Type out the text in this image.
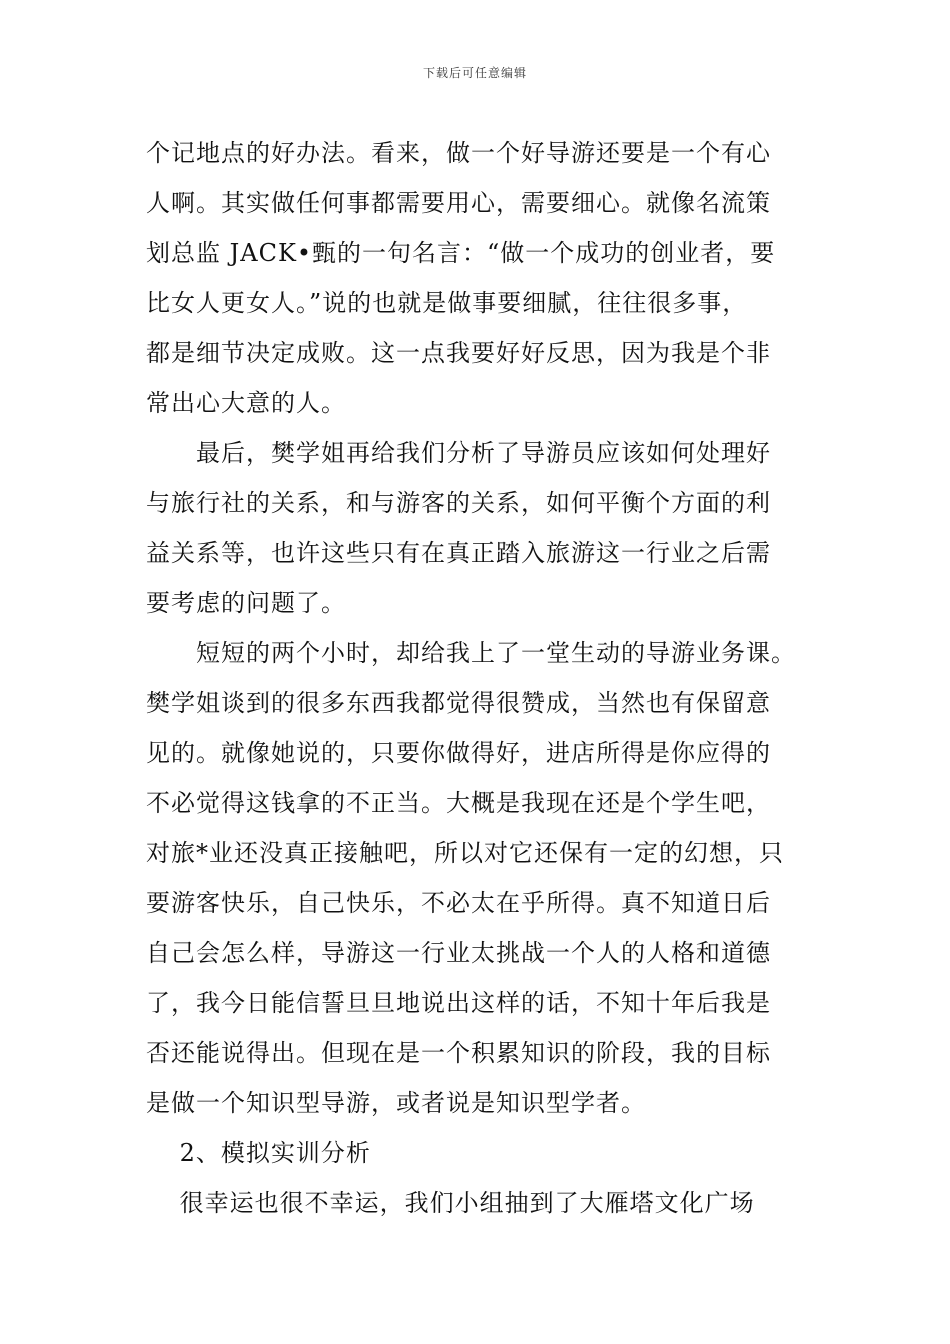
下载后可任意编辑
个记地点的好办法。看来，做一个好导游还要是一个有心
人啊。其实做任何事都需要用心，需要细心。就像名流策
划总监 JACK•甄的一句名言：“做一个成功的创业者，要
比女人更女人。”说的也就是做事要细腻，往往很多事，
都是细节决定成败。这一点我要好好反思，因为我是个非
常出心大意的人。
　　最后，樊学姐再给我们分析了导游员应该如何处理好
与旅行社的关系，和与游客的关系，如何平衡个方面的利
益关系等，也许这些只有在真正踏入旅游这一行业之后需
要考虑的问题了。
　　短短的两个小时，却给我上了一堂生动的导游业务课。
樊学姐谈到的很多东西我都觉得很赞成，当然也有保留意
见的。就像她说的，只要你做得好，进店所得是你应得的
不必觉得这钱拿的不正当。大概是我现在还是个学生吧，
对旅*业还没真正接触吧，所以对它还保有一定的幻想，只
要游客快乐，自己快乐，不必太在乎所得。真不知道日后
自己会怎么样，导游这一行业太挑战一个人的人格和道德
了，我今日能信誓旦旦地说出这样的话，不知十年后我是
否还能说得出。但现在是一个积累知识的阶段，我的目标
是做一个知识型导游，或者说是知识型学者。
　 2、模拟实训分析
　 很幸运也很不幸运，我们小组抽到了大雁塔文化广场
